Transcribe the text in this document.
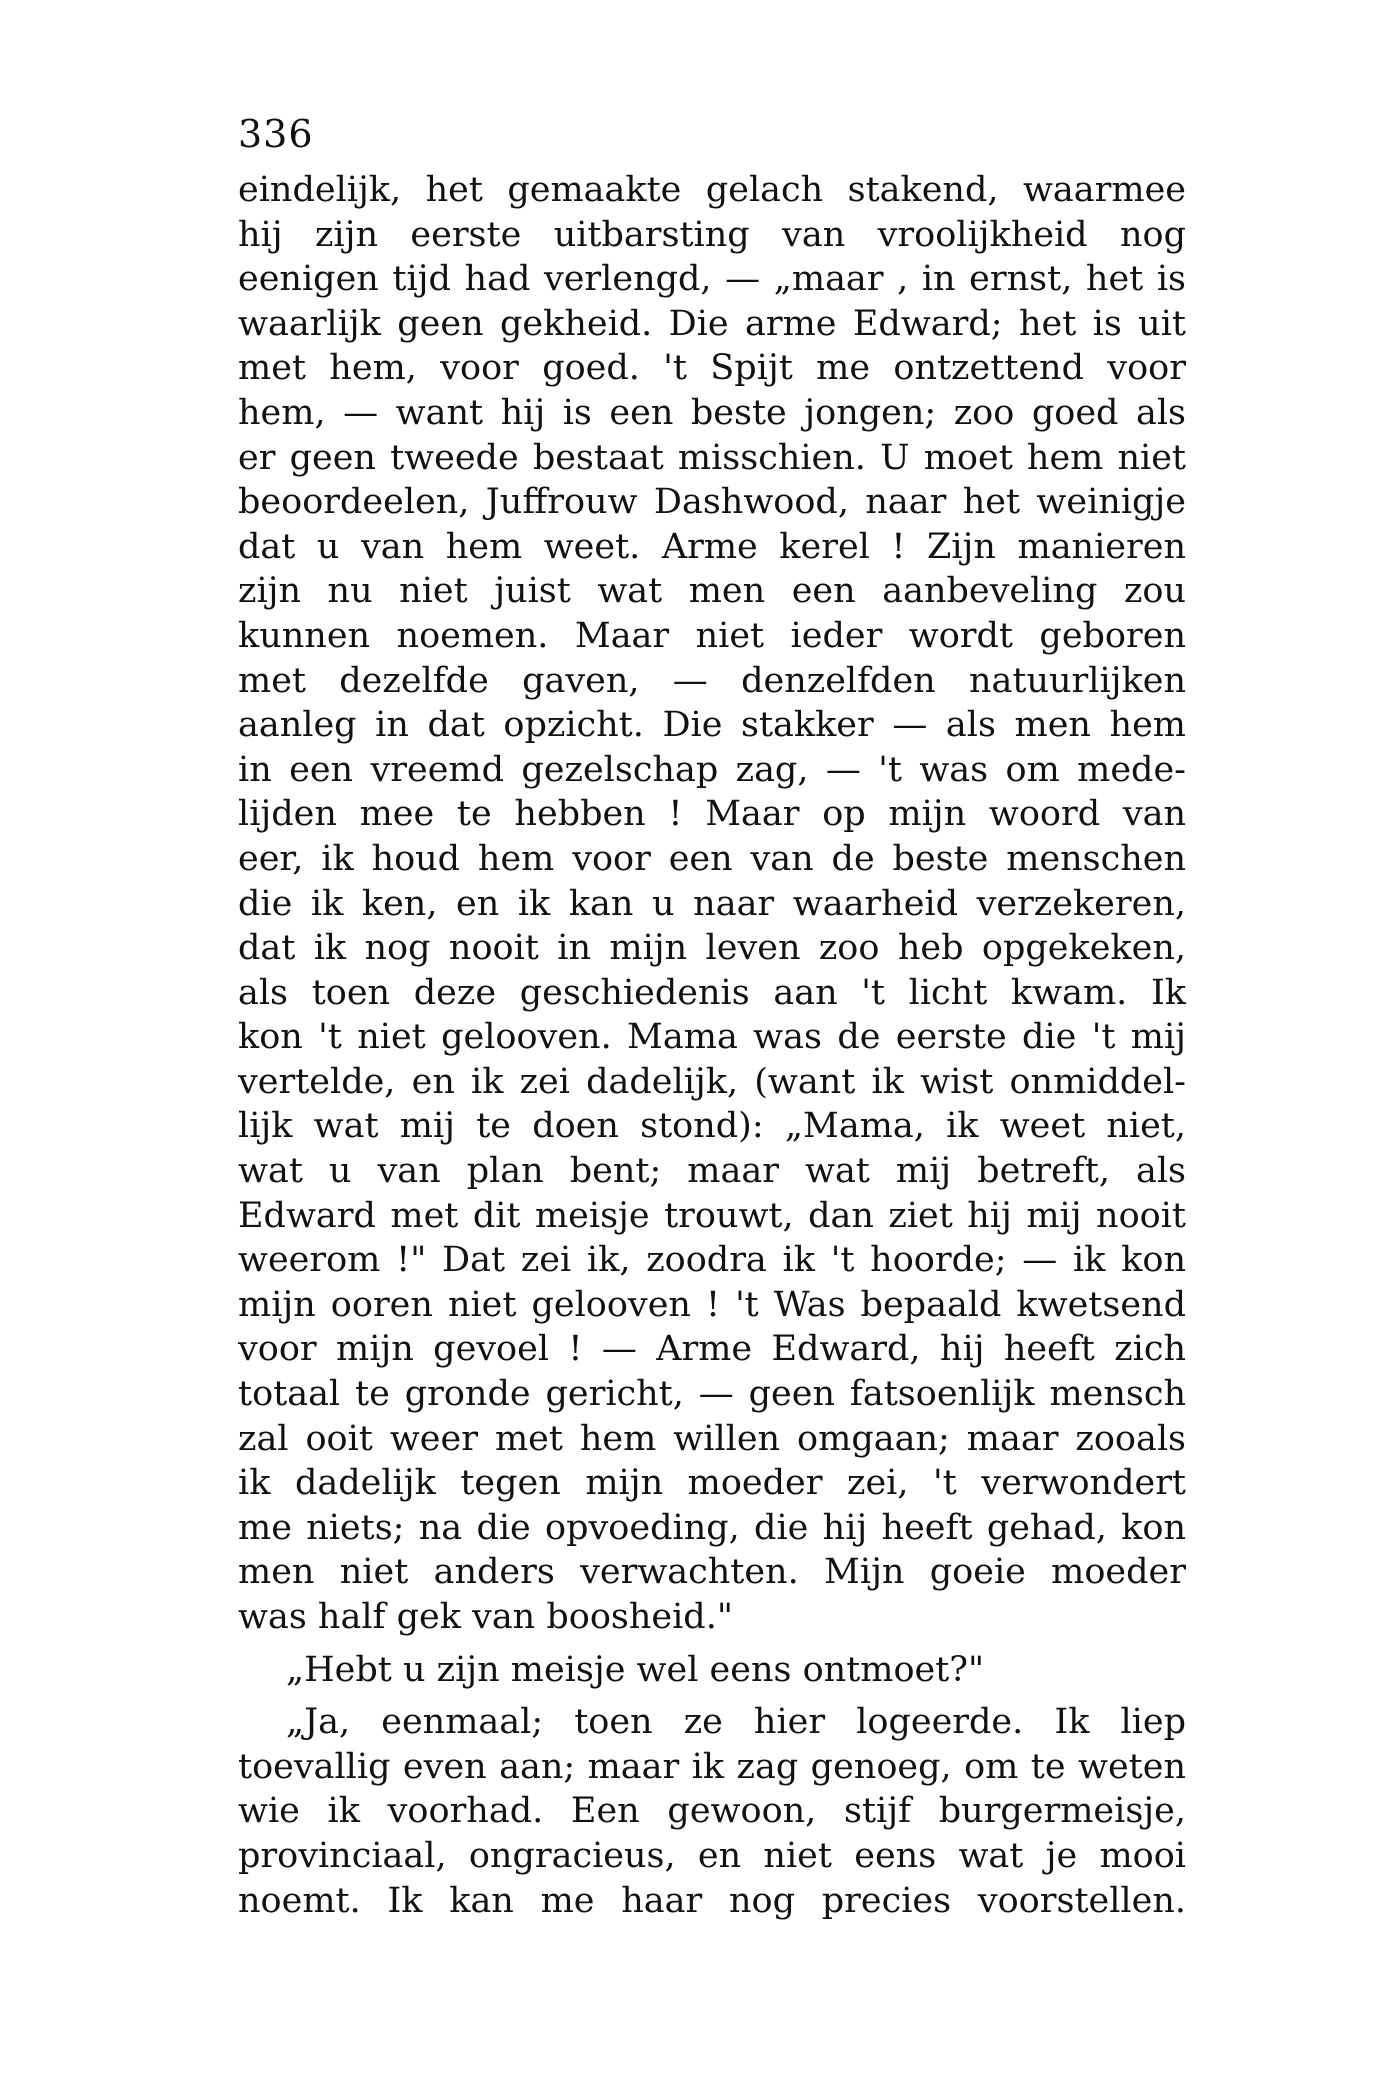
336
eindelijk, het gemaakte gelach stakend, waarmee
hij zijn eerste uitbarsting van vroolijkheid nog
eenigen tijd had verlengd, — „maar , in ernst, het is
waarlijk geen gekheid. Die arme Edward; het is uit
met hem, voor goed. 't Spijt me ontzettend voor
hem, — want hij is een beste jongen; zoo goed als
er geen tweede bestaat misschien. U moet hem niet
beoordeelen, Juffrouw Dashwood, naar het weinigje
dat u van hem weet. Arme kerel ! Zijn manieren
zijn nu niet juist wat men een aanbeveling zou
kunnen noemen. Maar niet ieder wordt geboren
met dezelfde gaven, — denzelfden natuurlijken
aanleg in dat opzicht. Die stakker — als men hem
in een vreemd gezelschap zag, — 't was om mede-
lijden mee te hebben ! Maar op mijn woord van
eer, ik houd hem voor een van de beste menschen
die ik ken, en ik kan u naar waarheid verzekeren,
dat ik nog nooit in mijn leven zoo heb opgekeken,
als toen deze geschiedenis aan 't licht kwam. Ik
kon 't niet gelooven. Mama was de eerste die 't mij
vertelde, en ik zei dadelijk, (want ik wist onmiddel-
lijk wat mij te doen stond): „Mama, ik weet niet,
wat u van plan bent; maar wat mij betreft, als
Edward met dit meisje trouwt, dan ziet hij mij nooit
weerom !" Dat zei ik, zoodra ik 't hoorde; — ik kon
mijn ooren niet gelooven ! 't Was bepaald kwetsend
voor mijn gevoel ! — Arme Edward, hij heeft zich
totaal te gronde gericht, — geen fatsoenlijk mensch
zal ooit weer met hem willen omgaan; maar zooals
ik dadelijk tegen mijn moeder zei, 't verwondert
me niets; na die opvoeding, die hij heeft gehad, kon
men niet anders verwachten. Mijn goeie moeder
was half gek van boosheid."
„Hebt u zijn meisje wel eens ontmoet?"
„Ja, eenmaal; toen ze hier logeerde. Ik liep
toevallig even aan; maar ik zag genoeg, om te weten
wie ik voorhad. Een gewoon, stijf burgermeisje,
provinciaal, ongracieus, en niet eens wat je mooi
noemt. Ik kan me haar nog precies voorstellen.
